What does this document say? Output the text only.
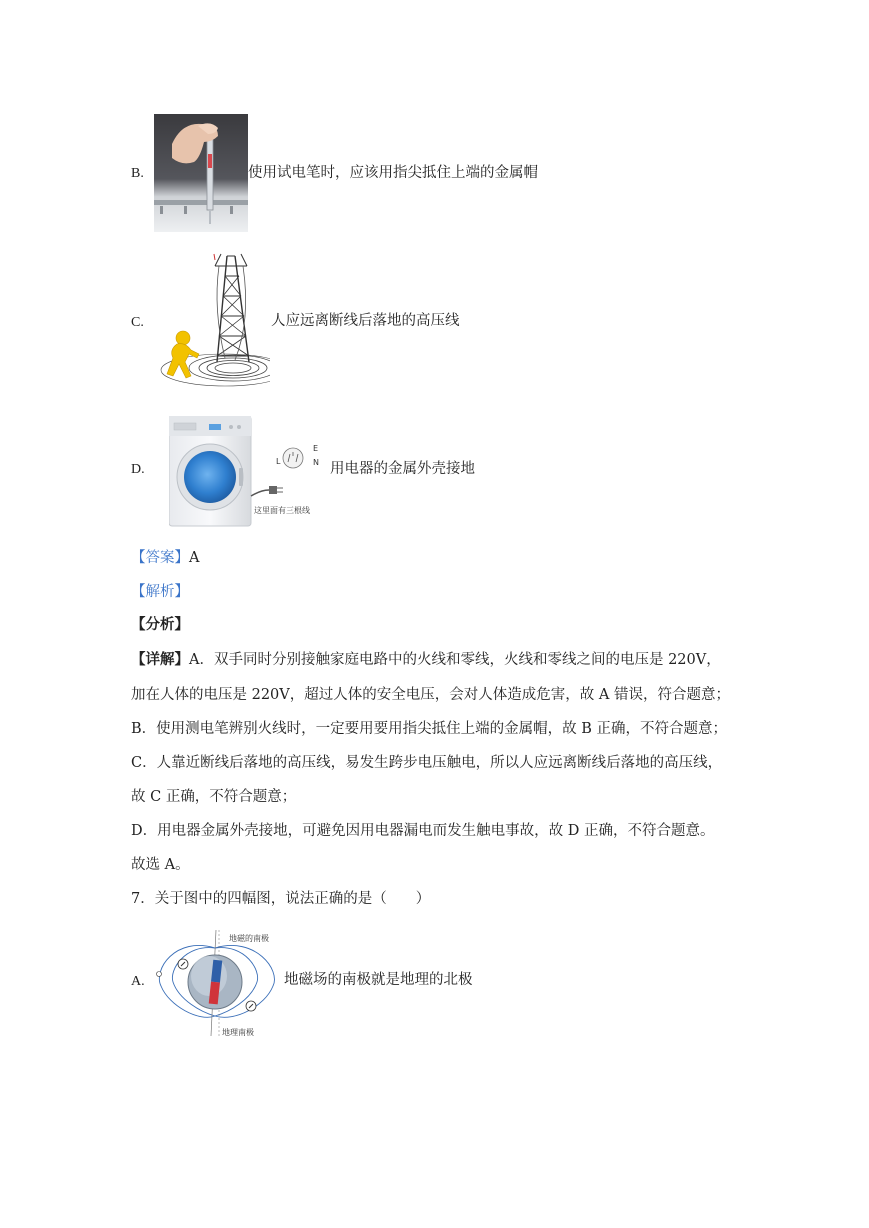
B.	使用试电笔时，应该用指尖抵住上端的金属帽
C.	人应远离断线后落地的高压线
D.
L
E
N
这里面有三根线
用电器的金属外壳接地
【答案】A
【解析】
【分析】
【详解】A．双手同时分别接触家庭电路中的火线和零线，火线和零线之间的电压是 220V，
加在人体的电压是 220V，超过人体的安全电压，会对人体造成危害，故 A 错误，符合题意；
B．使用测电笔辨别火线时，一定要用要用指尖抵住上端的金属帽，故 B 正确，不符合题意；
C．人靠近断线后落地的高压线，易发生跨步电压触电，所以人应远离断线后落地的高压线，
故 C 正确，不符合题意；
D．用电器金属外壳接地，可避免因用电器漏电而发生触电事故，故 D 正确，不符合题意。
故选 A。
7．关于图中的四幅图，说法正确的是（　　）
A.
地磁的南极
地理南极
地磁场的南极就是地理的北极
